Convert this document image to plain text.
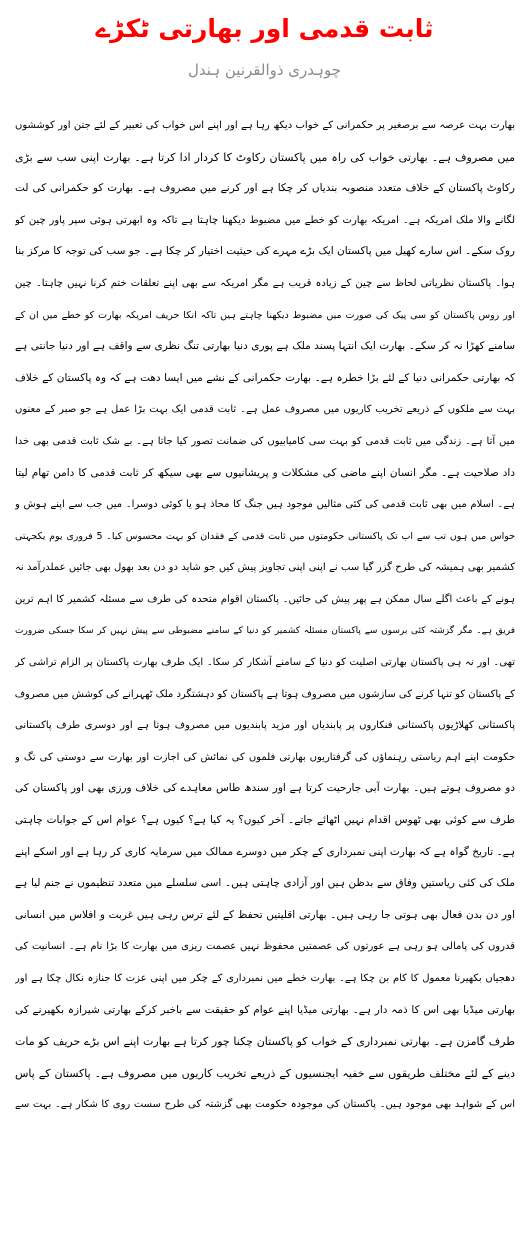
ثابت قدمی اور بھارتی ٹکڑے
چوہدری ذوالقرنین ہندل
بھارت بہت عرصہ سے برصغیر پر حکمرانی کے خواب دیکھ رہا ہے اور اپنے اس خواب کی تعبیر کے لئے جتن اور کوششوں
میں مصروف ہے۔ بھارتی خواب کی راہ میں پاکستان رکاوٹ کا کردار ادا کرتا ہے۔ بھارت اپنی سب سے بڑی
رکاوٹ پاکستان کے خلاف متعدد منصوبہ بندیاں کر چکا ہے اور کرنے میں مصروف ہے۔ بھارت کو حکمرانی کی لت
لگانے والا ملک امریکہ ہے۔ امریکہ بھارت کو خطے میں مضبوط دیکھنا چاہتا ہے تاکہ وہ ابھرتی ہوئی سپر پاور چین کو
روک سکے۔ اس سارے کھیل میں پاکستان ایک بڑے مہرے کی حیثیت اختیار کر چکا ہے۔ جو سب کی توجہ کا مرکز بنا
ہوا۔ پاکستان نظریاتی لحاظ سے چین کے زیادہ قریب ہے مگر امریکہ سے بھی اپنے تعلقات ختم کرنا نہیں چاہتا۔ چین
اور روس پاکستان کو سی پیک کی صورت میں مضبوط دیکھنا چاہتے ہیں تاکہ انکا حریف امریکہ بھارت کو خطے میں ان کے
سامنے کھڑا نہ کر سکے۔ بھارت ایک انتہا پسند ملک ہے پوری دنیا بھارتی تنگ نظری سے واقف ہے اور دنیا جانتی ہے
کہ بھارتی حکمرانی دنیا کے لئے بڑا خطرہ ہے۔ بھارت حکمرانی کے نشے میں ایسا دھت ہے کہ وہ پاکستان کے خلاف
بہت سے ملکوں کے ذریعے تخریب کاریوں میں مصروف عمل ہے۔ ثابت قدمی ایک بہت بڑا عمل ہے جو صبر کے معنوں
میں آتا ہے۔ زندگی میں ثابت قدمی کو بہت سی کامیابیوں کی ضمانت تصور کیا جاتا ہے۔ بے شک ثابت قدمی بھی خدا
داد صلاحیت ہے۔ مگر انسان اپنے ماضی کی مشکلات و پریشانیوں سے بھی سیکھ کر ثابت قدمی کا دامن تھام لیتا
ہے۔ اسلام میں بھی ثابت قدمی کی کئی مثالیں موجود ہیں جنگ کا محاذ ہو یا کوئی دوسرا۔ میں جب سے اپنے ہوش و
حواس میں ہوں تب سے اب تک پاکستانی حکومتوں میں ثابت قدمی کے فقدان کو بہت محسوس کیا۔ 5 فروری یوم یکجہتی
کشمیر بھی ہمیشہ کی طرح گزر گیا سب نے اپنی اپنی تجاویز پیش کیں جو شاید دو دن بعد بھول بھی جائیں عملدرآمد نہ
ہونے کے باعث اگلے سال ممکن ہے پھر پیش کی جائیں۔ پاکستان اقوام متحدہ کی طرف سے مسئلہ کشمیر کا اہم ترین
فریق ہے۔ مگر گزشتہ کئی برسوں سے پاکستان مسئلہ کشمیر کو دنیا کے سامنے مضبوطی سے پیش نہیں کر سکا جسکی ضرورت
تھی۔ اور نہ ہی پاکستان بھارتی اصلیت کو دنیا کے سامنے آشکار کر سکا۔ ایک طرف بھارت پاکستان پر الزام تراشی کر
کے پاکستان کو تنہا کرنے کی سازشوں میں مصروف ہوتا ہے پاکستان کو دہشتگرد ملک ٹھہرانے کی کوشش میں مصروف
پاکستانی کھلاڑیوں پاکستانی فنکاروں پر پابندیاں اور مزید پابندیوں میں مصروف ہوتا ہے اور دوسری طرف پاکستانی
حکومت اپنے اہم ریاستی رہنماؤں کی گرفتاریوں بھارتی فلموں کی نمائش کی اجازت اور بھارت سے دوستی کی تگ و
دو مصروف ہوتے ہیں۔ بھارت آبی جارحیت کرتا ہے اور سندھ طاس معاہدے کی خلاف ورزی بھی اور پاکستان کی
طرف سے کوئی بھی ٹھوس اقدام نہیں اٹھائے جاتے۔ آخر کیوں؟ یہ کیا ہے؟ کیوں ہے؟ عوام اس کے جوابات چاہتی
ہے۔ تاریخ گواہ ہے کہ بھارت اپنی نمبرداری کے چکر میں دوسرے ممالک میں سرمایہ کاری کر رہا ہے اور اسکے اپنے
ملک کی کئی ریاستیں وفاق سے بدظن ہیں اور آزادی چاہتی ہیں۔ اسی سلسلے میں متعدد تنظیموں نے جنم لیا ہے
اور دن بدن فعال بھی ہوتی جا رہی ہیں۔ بھارتی اقلیتیں تحفظ کے لئے ترس رہی ہیں غربت و افلاس میں انسانی
قدروں کی پامالی ہو رہی ہے عورتوں کی عصمتیں محفوظ نہیں عصمت ریزی میں بھارت کا بڑا نام ہے۔ انسانیت کی
دھجیاں بکھیرنا معمول کا کام بن چکا ہے۔ بھارت خطے میں نمبرداری کے چکر میں اپنی عزت کا جنازہ نکال چکا ہے اور
بھارتی میڈیا بھی اس کا ذمہ دار ہے۔ بھارتی میڈیا اپنے عوام کو حقیقت سے باخبر کرکے بھارتی شیرازہ بکھیرنے کی
طرف گامزن ہے۔ بھارتی نمبرداری کے خواب کو پاکستان چکنا چور کرتا ہے بھارت اپنے اس بڑے حریف کو مات
دینے کے لئے مختلف طریقوں سے خفیہ ایجنسیوں کے ذریعے تخریب کاریوں میں مصروف ہے۔ پاکستان کے پاس
اس کے شواہد بھی موجود ہیں۔ پاکستان کی موجودہ حکومت بھی گزشتہ کی طرح سست روی کا شکار ہے۔ بہت سے
